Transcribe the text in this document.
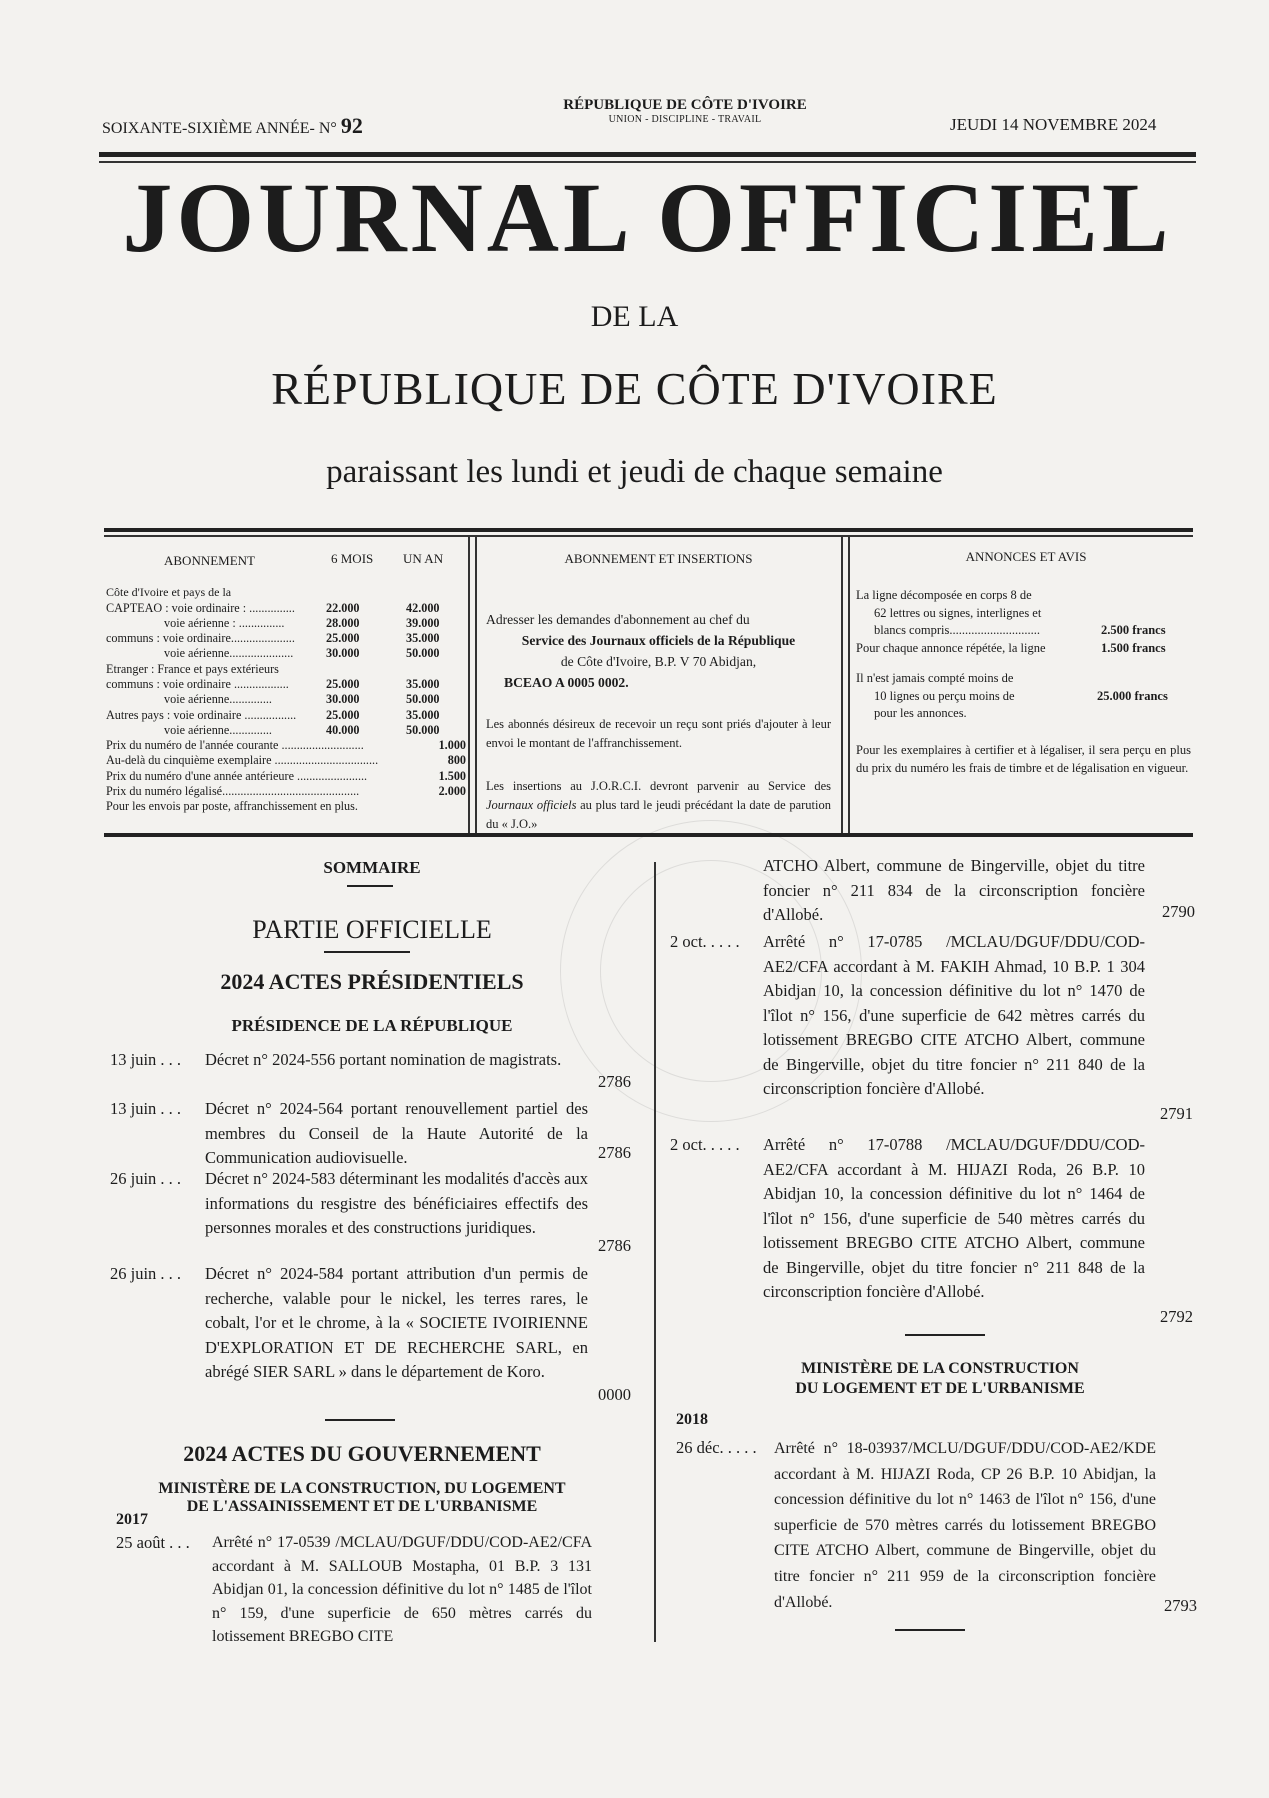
SOIXANTE-SIXIÈME ANNÉE- N° 92
RÉPUBLIQUE DE CÔTE D'IVOIRE
UNION - DISCIPLINE - TRAVAIL	JEUDI 14 NOVEMBRE 2024
JOURNAL OFFICIEL
DE LA
RÉPUBLIQUE DE CÔTE D'IVOIRE
paraissant les lundi et jeudi de chaque semaine
ABONNEMENT	6 MOIS UN AN
Côte d'Ivoire et pays de la
CAPTEAO : voie ordinaire : ...............	22.000	42.000
voie aérienne : ...............	28.000	39.000
communs : voie ordinaire.....................	25.000	35.000
voie aérienne.....................	30.000	50.000
Etranger : France et pays extérieurs
communs : voie ordinaire ..................	25.000	35.000
voie aérienne..............	30.000	50.000
Autres pays : voie ordinaire ................. 25.000	35.000
voie aérienne..............	40.000	50.000
Prix du numéro de l'année courante ...........................	1.000
Au-delà du cinquième exemplaire ..................................	800
Prix du numéro d'une année antérieure .......................	1.500
Prix du numéro légalisé.............................................	2.000
Pour les envois par poste, affranchissement en plus.
ABONNEMENT ET INSERTIONS
Adresser les demandes d'abonnement au chef du
Service des Journaux officiels de la République
de Côte d'Ivoire, B.P. V 70 Abidjan,
BCEAO A 0005 0002.
Les abonnés désireux de recevoir un reçu sont priés d'ajouter à leur envoi le montant de l'affranchissement.
Les insertions au J.O.R.C.I. devront parvenir au Service des Journaux officiels au plus tard le jeudi précédant la date de parution du « J.O.»
ANNONCES ET AVIS
La ligne décomposée en corps 8 de
62 lettres ou signes, interlignes et
blancs compris.............................	2.500 francs
Pour chaque annonce répétée, la ligne	1.500 francs
Il n'est jamais compté moins de
10 lignes ou perçu moins de	25.000 francs
pour les annonces.
Pour les exemplaires à certifier et à légaliser, il sera perçu en plus du prix du numéro les frais de timbre et de légalisation en vigueur.
SOMMAIRE
PARTIE OFFICIELLE
2024 ACTES PRÉSIDENTIELS
PRÉSIDENCE DE LA RÉPUBLIQUE
13 juin . . .	Décret n° 2024-556 portant nomination de magistrats.
2786
13 juin . . .	Décret n° 2024-564 portant renouvellement partiel des membres du Conseil de la Haute Autorité de la Communication audiovisuelle.	2786
26 juin . . .	Décret n° 2024-583 déterminant les modalités d'accès aux informations du resgistre des bénéficiaires effectifs des personnes morales et des constructions juridiques.
2786
26 juin . . .	Décret n° 2024-584 portant attribution d'un permis de recherche, valable pour le nickel, les terres rares, le cobalt, l'or et le chrome, à la « SOCIETE IVOIRIENNE D'EXPLORATION ET DE RECHERCHE SARL, en abrégé SIER SARL » dans le département de Koro.
0000
2024 ACTES DU GOUVERNEMENT
MINISTÈRE DE LA CONSTRUCTION, DU LOGEMENT
DE L'ASSAINISSEMENT ET DE L'URBANISME
2017
25 août . . .	Arrêté n° 17-0539 /MCLAU/DGUF/DDU/COD-AE2/CFA accordant à M. SALLOUB Mostapha, 01 B.P. 3 131 Abidjan 01, la concession définitive du lot n° 1485 de l'îlot n° 159, d'une superficie de 650 mètres carrés du lotissement BREGBO CITE
ATCHO Albert, commune de Bingerville, objet du titre foncier n° 211 834 de la circonscription foncière d'Allobé.	2790
2 oct. . . . .	Arrêté n° 17-0785 /MCLAU/DGUF/DDU/COD-AE2/CFA accordant à M. FAKIH Ahmad, 10 B.P. 1 304 Abidjan 10, la concession définitive du lot n° 1470 de l'îlot n° 156, d'une superficie de 642 mètres carrés du lotissement BREGBO CITE ATCHO Albert, commune de Bingerville, objet du titre foncier n° 211 840 de la circonscription foncière d'Allobé.
2791
2 oct. . . . .	Arrêté n° 17-0788 /MCLAU/DGUF/DDU/COD-AE2/CFA accordant à M. HIJAZI Roda, 26 B.P. 10 Abidjan 10, la concession définitive du lot n° 1464 de l'îlot n° 156, d'une superficie de 540 mètres carrés du lotissement BREGBO CITE ATCHO Albert, commune de Bingerville, objet du titre foncier n° 211 848 de la circonscription foncière d'Allobé.
2792
MINISTÈRE DE LA CONSTRUCTION
DU LOGEMENT ET DE L'URBANISME
2018
26 déc. . . . .	Arrêté n° 18-03937/MCLU/DGUF/DDU/COD-AE2/KDE accordant à M. HIJAZI Roda, CP 26 B.P. 10 Abidjan, la concession définitive du lot n° 1463 de l'îlot n° 156, d'une superficie de 570 mètres carrés du lotissement BREGBO CITE ATCHO Albert, commune de Bingerville, objet du titre foncier n° 211 959 de la circonscription foncière d'Allobé.	2793
